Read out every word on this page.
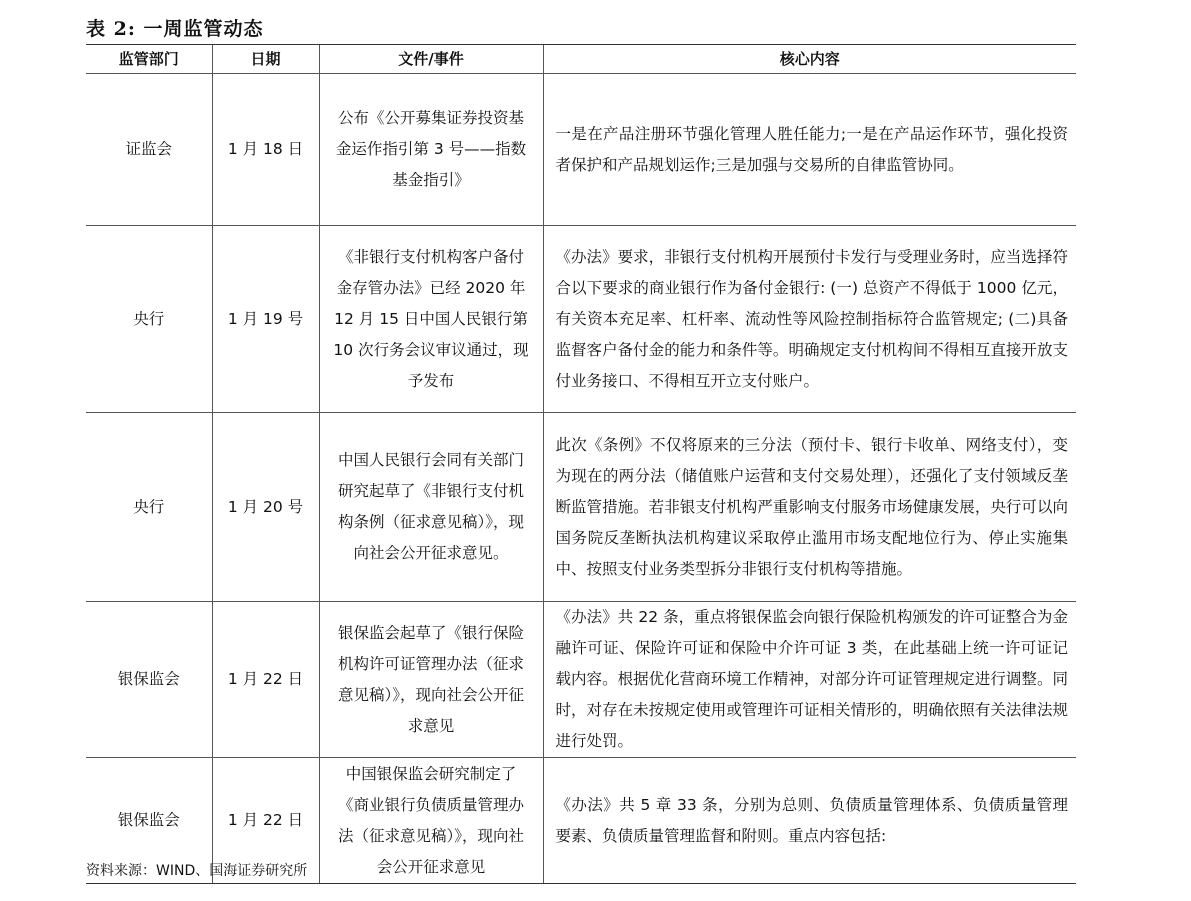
表 2: 一周监管动态
监管部门	日期	文件/事件	核心内容
证监会	1 月 18 日	公布《公开募集证券投资基金运作指引第 3 号——指数基金指引》	一是在产品注册环节强化管理人胜任能力;一是在产品运作环节，强化投资者保护和产品规划运作;三是加强与交易所的自律监管协同。
央行	1 月 19 号	《非银行支付机构客户备付金存管办法》已经 2020 年 12 月 15 日中国人民银行第 10 次行务会议审议通过，现予发布	《办法》要求，非银行支付机构开展预付卡发行与受理业务时，应当选择符合以下要求的商业银行作为备付金银行: (一) 总资产不得低于 1000 亿元，有关资本充足率、杠杆率、流动性等风险控制指标符合监管规定; (二)具备监督客户备付金的能力和条件等。明确规定支付机构间不得相互直接开放支付业务接口、不得相互开立支付账户。
央行	1 月 20 号	中国人民银行会同有关部门研究起草了《非银行支付机构条例（征求意见稿）》，现向社会公开征求意见。	此次《条例》不仅将原来的三分法（预付卡、银行卡收单、网络支付），变为现在的两分法（储值账户运营和支付交易处理），还强化了支付领域反垄断监管措施。若非银支付机构严重影响支付服务市场健康发展，央行可以向国务院反垄断执法机构建议采取停止滥用市场支配地位行为、停止实施集中、按照支付业务类型拆分非银行支付机构等措施。
银保监会	1 月 22 日	银保监会起草了《银行保险机构许可证管理办法（征求意见稿）》，现向社会公开征求意见	《办法》共 22 条，重点将银保监会向银行保险机构颁发的许可证整合为金融许可证、保险许可证和保险中介许可证 3 类，在此基础上统一许可证记载内容。根据优化营商环境工作精神，对部分许可证管理规定进行调整。同时，对存在未按规定使用或管理许可证相关情形的，明确依照有关法律法规进行处罚。
银保监会	1 月 22 日	中国银保监会研究制定了《商业银行负债质量管理办法（征求意见稿）》，现向社会公开征求意见	《办法》共 5 章 33 条，分别为总则、负债质量管理体系、负债质量管理要素、负债质量管理监督和附则。重点内容包括:
资料来源：WIND、国海证券研究所
